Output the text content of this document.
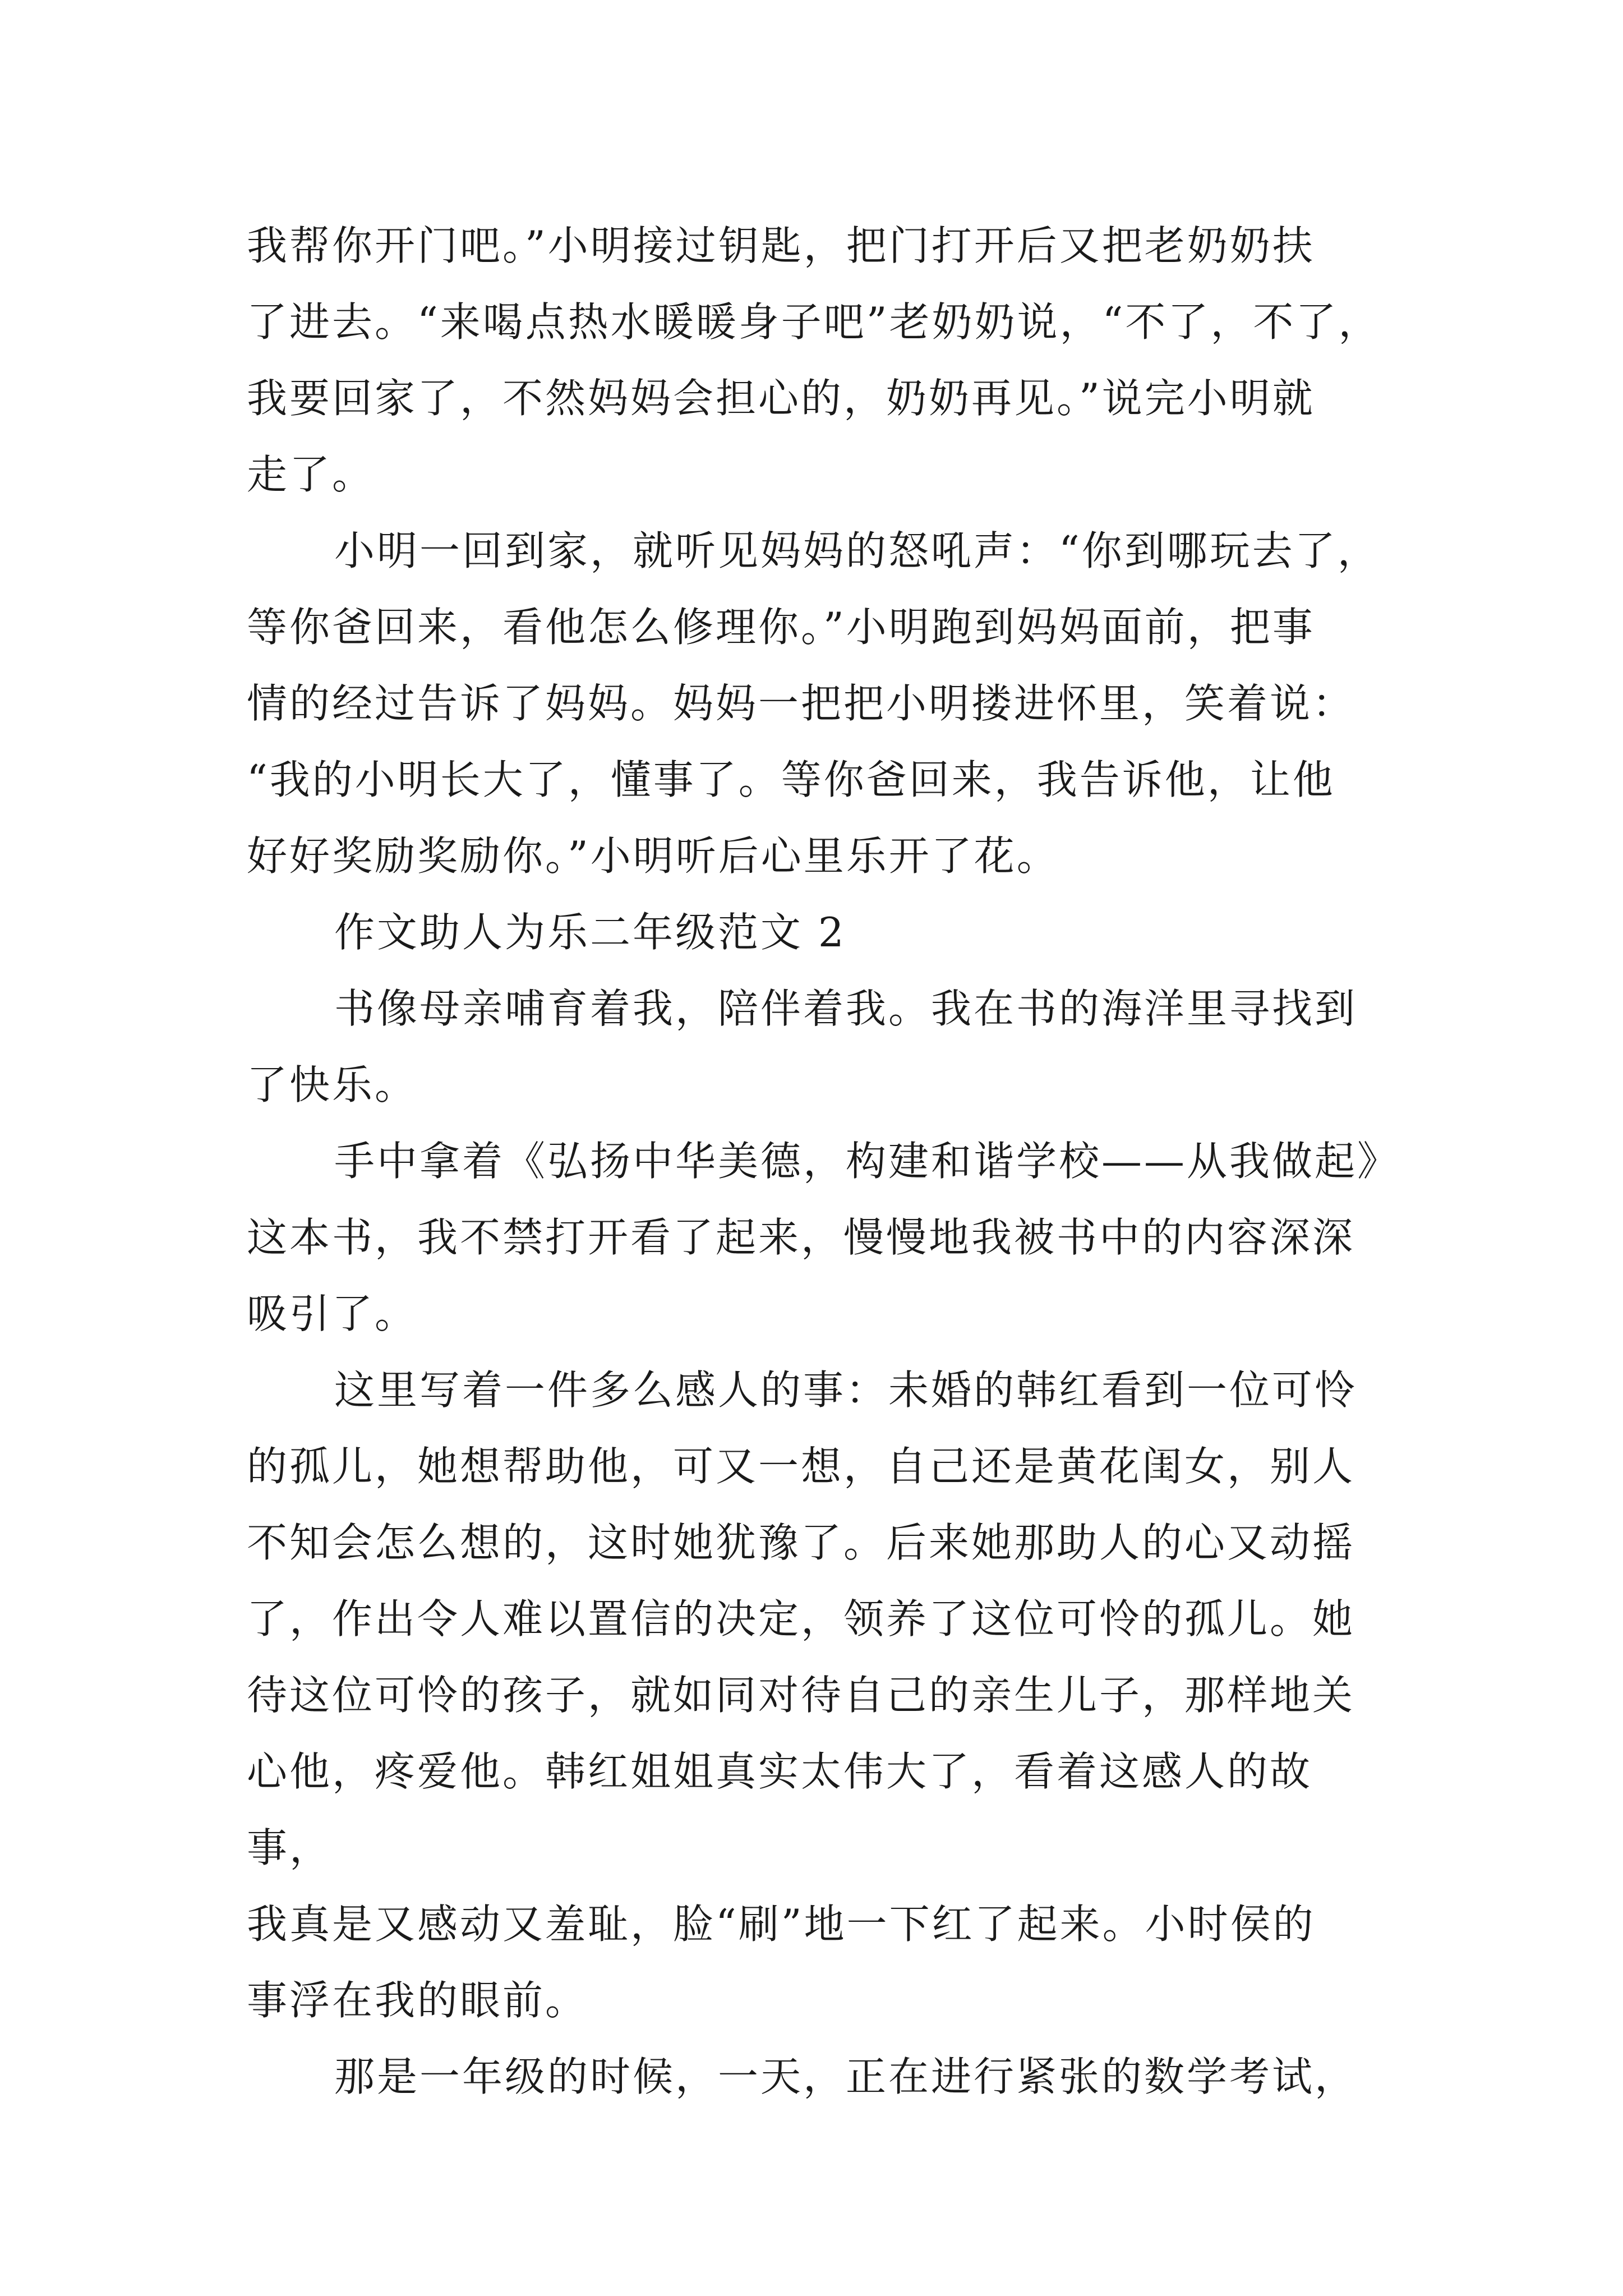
我帮你开门吧。”小明接过钥匙，把门打开后又把老奶奶扶
了进去。“来喝点热水暖暖身子吧”老奶奶说，“不了，不了，
我要回家了，不然妈妈会担心的，奶奶再见。”说完小明就
走了。
小明一回到家，就听见妈妈的怒吼声：“你到哪玩去了，
等你爸回来，看他怎么修理你。”小明跑到妈妈面前，把事
情的经过告诉了妈妈。妈妈一把把小明搂进怀里，笑着说：
“我的小明长大了，懂事了。等你爸回来，我告诉他，让他
好好奖励奖励你。”小明听后心里乐开了花。
作文助人为乐二年级范文 2
书像母亲哺育着我，陪伴着我。我在书的海洋里寻找到
了快乐。
手中拿着《弘扬中华美德，构建和谐学校——从我做起》
这本书，我不禁打开看了起来，慢慢地我被书中的内容深深
吸引了。
这里写着一件多么感人的事：未婚的韩红看到一位可怜
的孤儿，她想帮助他，可又一想，自己还是黄花闺女，别人
不知会怎么想的，这时她犹豫了。后来她那助人的心又动摇
了，作出令人难以置信的决定，领养了这位可怜的孤儿。她
待这位可怜的孩子，就如同对待自己的亲生儿子，那样地关
心他，疼爱他。韩红姐姐真实太伟大了，看着这感人的故事，
我真是又感动又羞耻，脸“刷”地一下红了起来。小时侯的
事浮在我的眼前。
那是一年级的时候，一天，正在进行紧张的数学考试，
